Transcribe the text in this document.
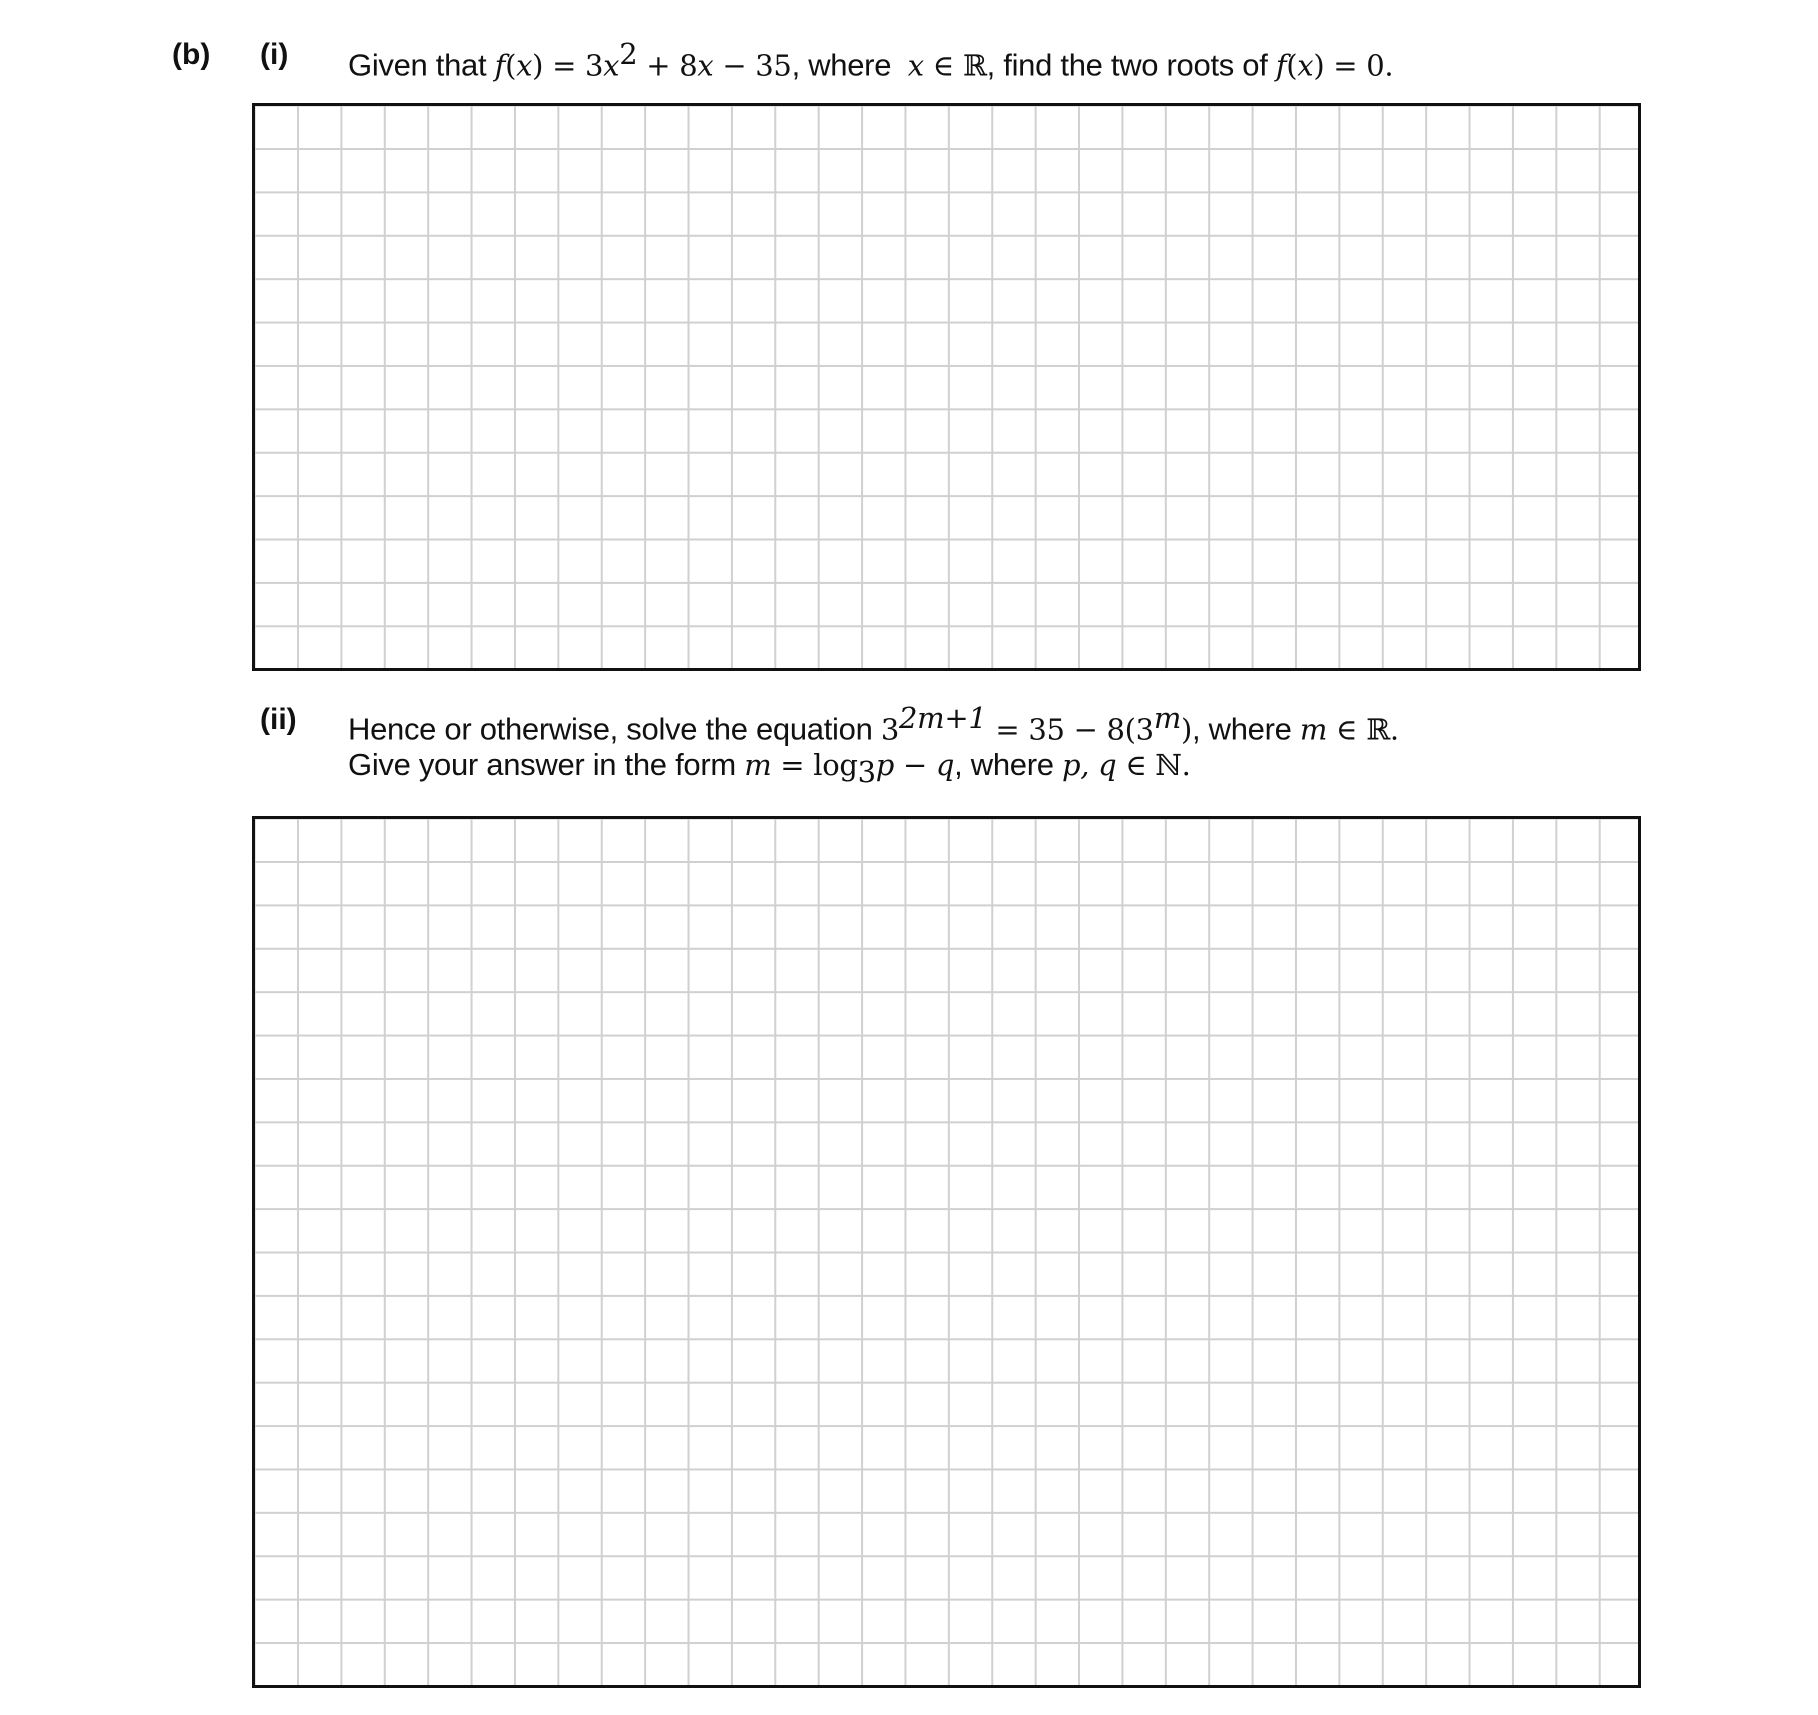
(b) (i) Given that $f(x) = 3x^2 + 8x - 35$, where  x ∈ ℝ, find the two roots of f(x) = 0.
(ii) Hence or otherwise, solve the equation $3^{2m+1} = 35 - 8(3^m)$, where m ∈ ℝ.
Give your answer in the form $m = \log_3p - q$, where p, q ∈ ℕ.
